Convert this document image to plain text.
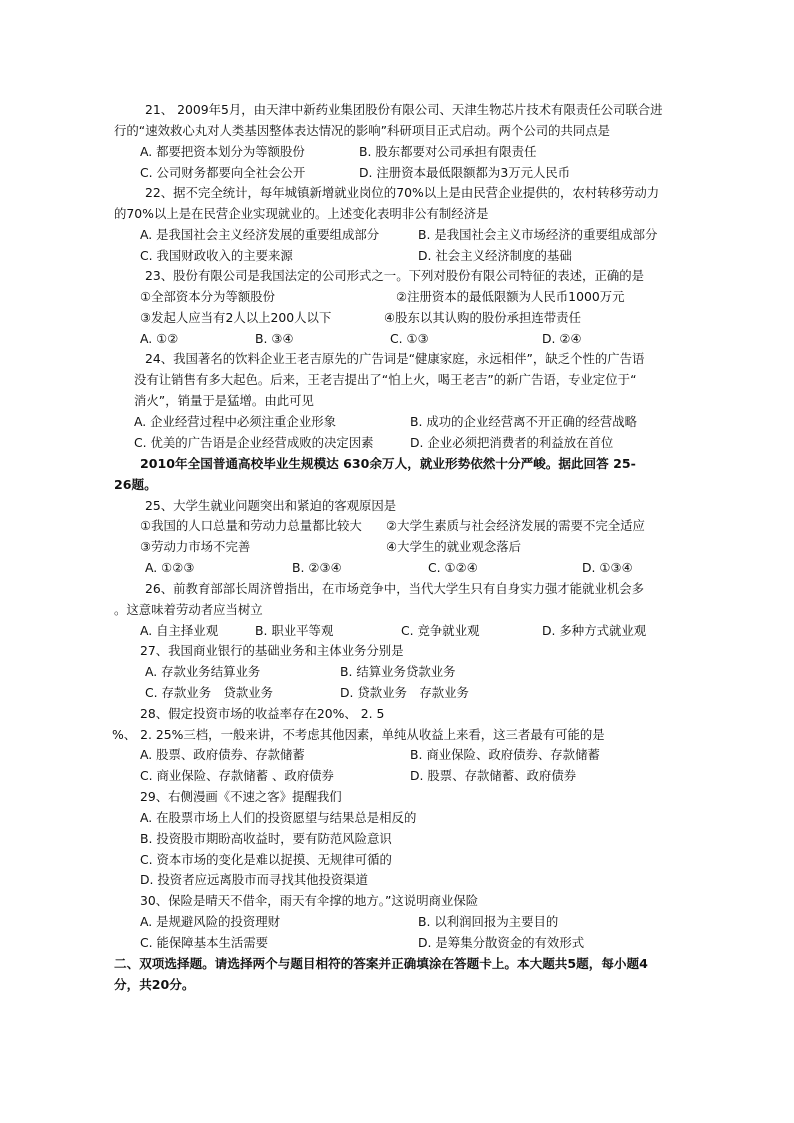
21、 2009年5月，由天津中新药业集团股份有限公司、天津生物芯片技术有限责任公司联合进
行的“速效救心丸对人类基因整体表达情况的影响”科研项目正式启动。两个公司的共同点是
A. 都要把资本划分为等额股份	B. 股东都要对公司承担有限责任
C. 公司财务都要向全社会公开	D. 注册资本最低限额都为3万元人民币
22、据不完全统计，每年城镇新增就业岗位的70%以上是由民营企业提供的，农村转移劳动力
的70%以上是在民营企业实现就业的。上述变化表明非公有制经济是
A. 是我国社会主义经济发展的重要组成部分	B. 是我国社会主义市场经济的重要组成部分
C. 我国财政收入的主要来源	D. 社会主义经济制度的基础
23、股份有限公司是我国法定的公司形式之一。下列对股份有限公司特征的表述，正确的是
①全部资本分为等额股份	②注册资本的最低限额为人民币1000万元
③发起人应当有2人以上200人以下	④股东以其认购的股份承担连带责任
A. ①②	B. ③④	C. ①③	D. ②④
24、我国著名的饮料企业王老吉原先的广告词是“健康家庭，永远相伴”，缺乏个性的广告语
没有让销售有多大起色。后来，王老吉提出了“怕上火，喝王老吉”的新广告语，专业定位于“
消火”，销量于是猛增。由此可见
A. 企业经营过程中必须注重企业形象	B. 成功的企业经营离不开正确的经营战略
C. 优美的广告语是企业经营成败的决定因素	D. 企业必须把消费者的利益放在首位
2010年全国普通高校毕业生规模达 630余万人，就业形势依然十分严峻。据此回答 25-
26题。
25、大学生就业问题突出和紧迫的客观原因是
①我国的人口总量和劳动力总量都比较大 ②大学生素质与社会经济发展的需要不完全适应
③劳动力市场不完善	④大学生的就业观念落后
A. ①②③	B. ②③④	C. ①②④	D. ①③④
26、前教育部部长周济曾指出，在市场竞争中，当代大学生只有自身实力强才能就业机会多
。这意味着劳动者应当树立
A. 自主择业观	B. 职业平等观	C. 竞争就业观	D. 多种方式就业观
27、我国商业银行的基础业务和主体业务分别是
A. 存款业务结算业务	B. 结算业务贷款业务
C. 存款业务　贷款业务	D. 贷款业务　存款业务
28、假定投资市场的收益率存在20%、 2. 5
%、 2. 25%三档，一般来讲，不考虑其他因素，单纯从收益上来看，这三者最有可能的是
A. 股票、政府债券、存款储蓄	B. 商业保险、政府债券、存款储蓄
C. 商业保险、存款储蓄 、政府债券	D. 股票、存款储蓄、政府债券
29、右侧漫画《不速之客》提醒我们
A. 在股票市场上人们的投资愿望与结果总是相反的
B. 投资股市期盼高收益时，要有防范风险意识
C. 资本市场的变化是难以捉摸、无规律可循的
D. 投资者应远离股市而寻找其他投资渠道
30、保险是晴天不借伞，雨天有伞撑的地方。”这说明商业保险
A. 是规避风险的投资理财	B. 以利润回报为主要目的
C. 能保障基本生活需要	D. 是筹集分散资金的有效形式
二、双项选择题。请选择两个与题目相符的答案并正确填涂在答题卡上。本大题共5题，每小题4
分，共20分。
